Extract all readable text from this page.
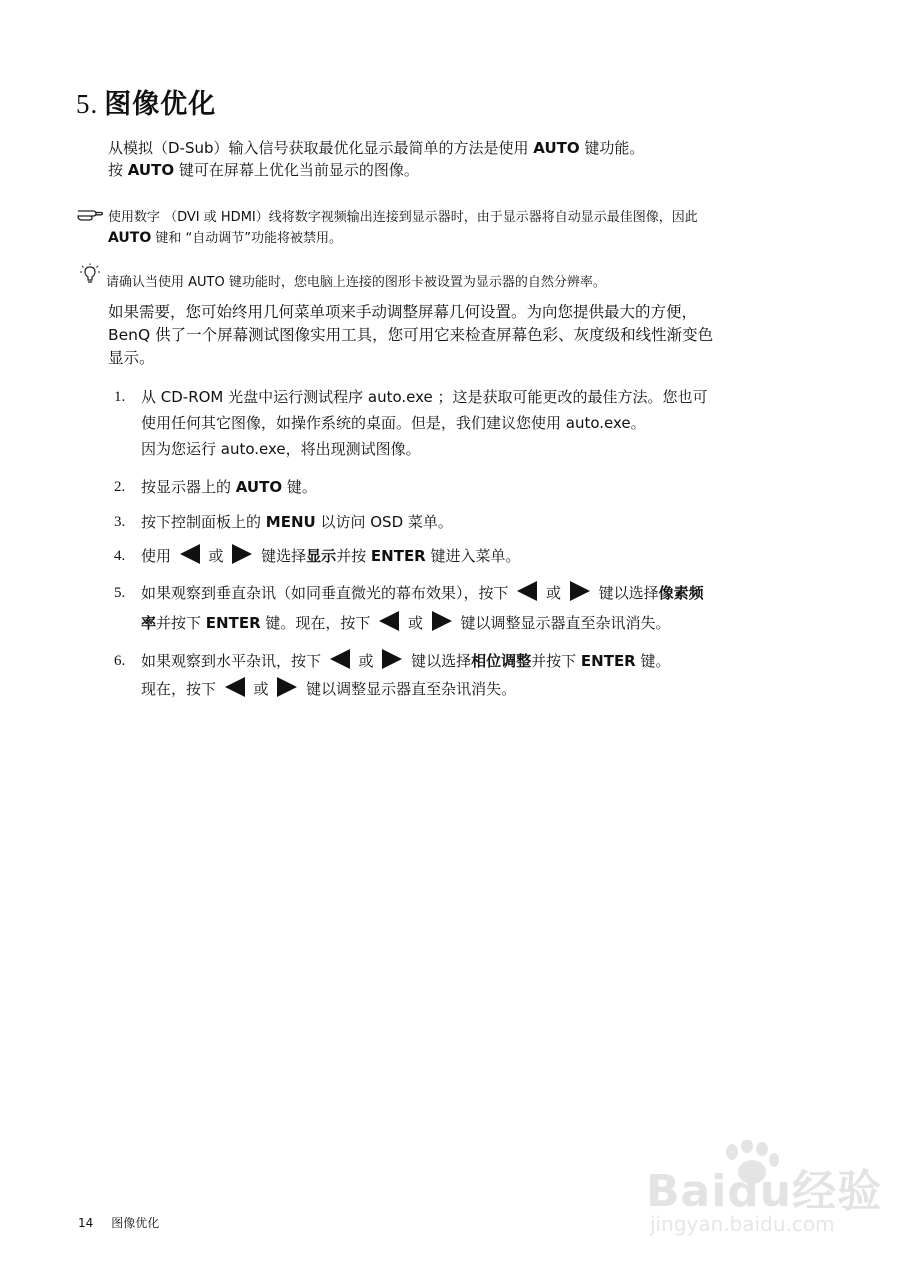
5. 图像优化

从模拟（D-Sub）输入信号获取最优化显示最简单的方法是使用 AUTO 键功能。

按 AUTO 键可在屏幕上优化当前显示的图像。

使用数字 （DVI 或 HDMI）线将数字视频输出连接到显示器时，由于显示器将自动显示最佳图像，因此

AUTO 键和 “自动调节”功能将被禁用。

请确认当使用 AUTO 键功能时，您电脑上连接的图形卡被设置为显示器的自然分辨率。

如果需要，您可始终用几何菜单项来手动调整屏幕几何设置。为向您提供最大的方便，

BenQ 供了一个屏幕测试图像实用工具，您可用它来检查屏幕色彩、灰度级和线性渐变色

显示。

1. 从 CD-ROM 光盘中运行测试程序 auto.exe ；这是获取可能更改的最佳方法。您也可
使用任何其它图像，如操作系统的桌面。但是，我们建议您使用 auto.exe。
因为您运行 auto.exe，将出现测试图像。
2. 按显示器上的 AUTO 键。
3. 按下控制面板上的 MENU 以访问 OSD 菜单。
4. 使用  或  键选择显示并按 ENTER 键进入菜单。
5. 如果观察到垂直杂讯（如同垂直微光的幕布效果），按下  或  键以选择像素频
率并按下 ENTER 键。现在，按下  或  键以调整显示器直至杂讯消失。
6. 如果观察到水平杂讯，按下  或  键以选择相位调整并按下 ENTER 键。
现在，按下  或  键以调整显示器直至杂讯消失。
Baidu经验
jingyan.baidu.com
14 图像优化
